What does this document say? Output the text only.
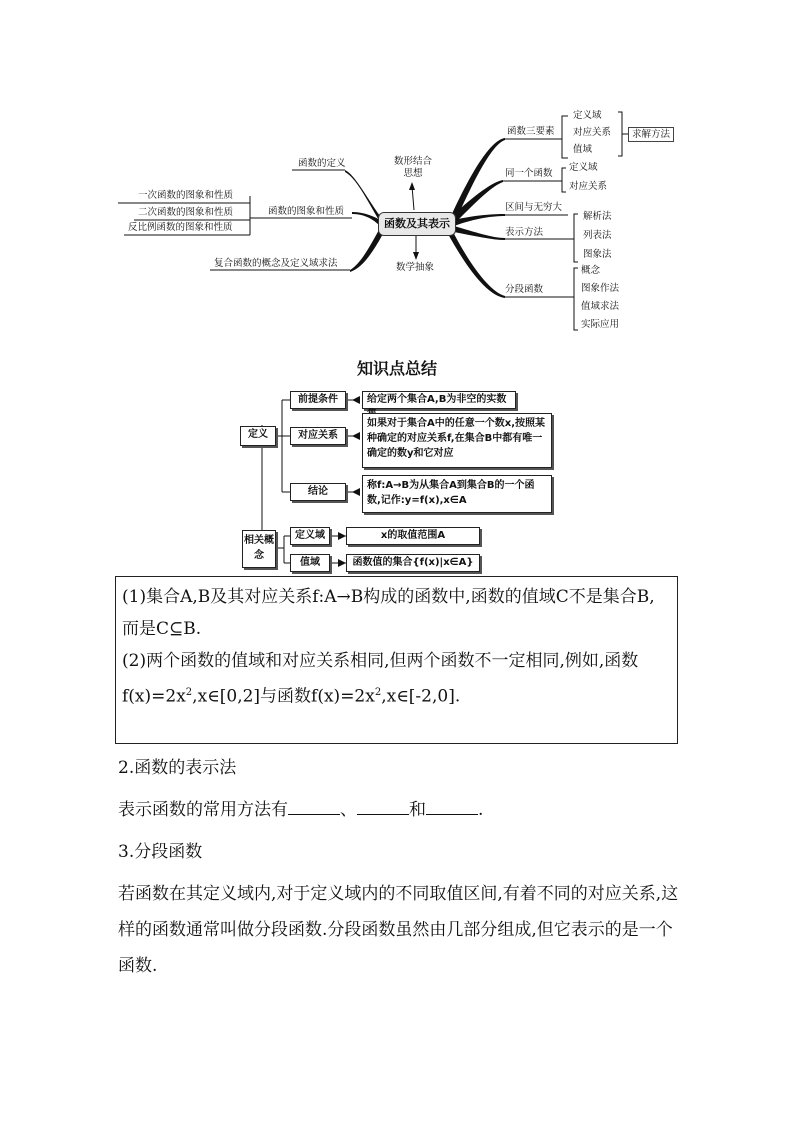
函数及其表示
函数的定义
函数的图象和性质
一次函数的图象和性质
二次函数的图象和性质
反比例函数的图象和性质
复合函数的概念及定义域求法
数形结合
思想
数学抽象
函数三要素
定义域
对应关系
值域
求解方法
同一个函数
定义域
对应关系
区间与无穷大
表示方法
解析法
列表法
图象法
分段函数
概念
图象作法
值域求法
实际应用
知识点总结
定义
前提条件	给定两个集合A,B为非空的实数
对应关系
如果对于集合A中的任意一个数x,按照某种确定的对应关系f,在集合B中都有唯一确定的数y和它对应
结论
称f:A→B为从集合A到集合B的一个函数,记作:y=f(x),x∈A
相关概念
定义域	x的取值范围A
值域	函数值的集合{f(x)|x∈A}

(1)集合A,B及其对应关系f:A→B构成的函数中,函数的值域C不是集合B,而是C⊆B.

(2)两个函数的值域和对应关系相同,但两个函数不一定相同,例如,函数$f(x)=2x^2,x\in[0,2]$与函数$f(x)=2x^2,x\in[-2,0]$.

2.函数的表示法
表示函数的常用方法有	、	和	.
3.分段函数
若函数在其定义域内,对于定义域内的不同取值区间,有着不同的对应关系,这样的函数通常叫做分段函数.分段函数虽然由几部分组成,但它表示的是一个函数.
